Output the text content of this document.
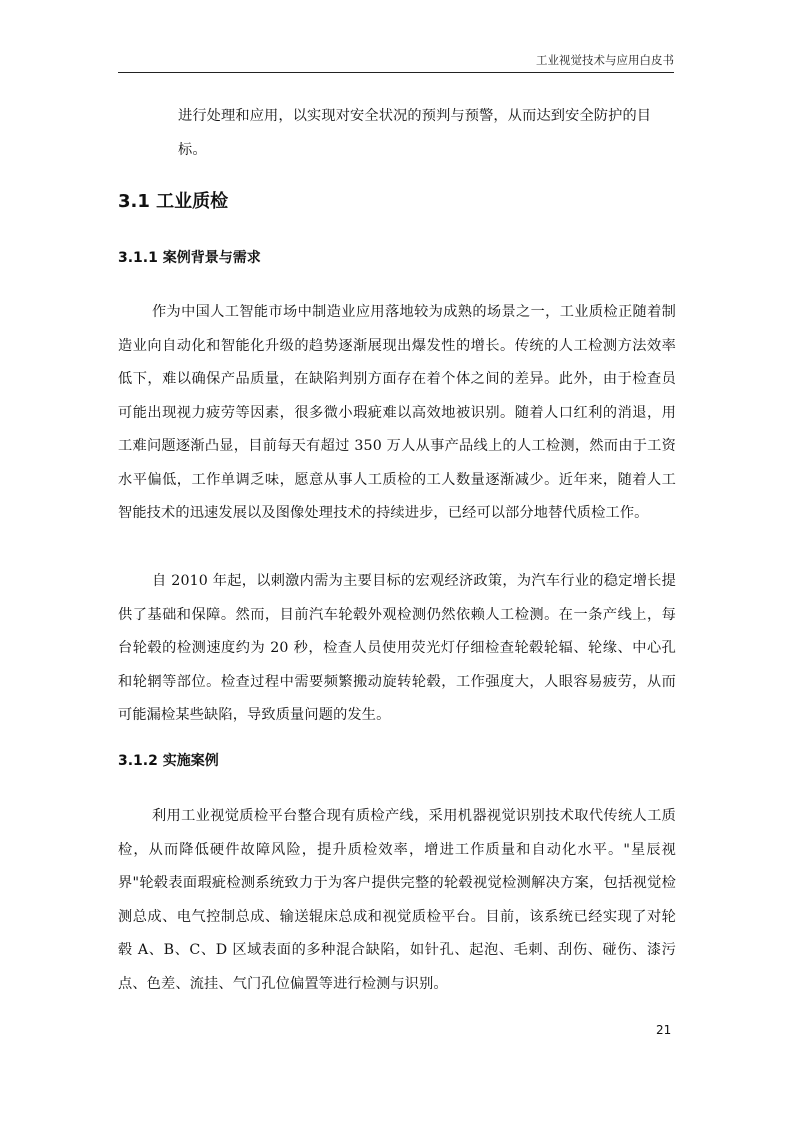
工业视觉技术与应用白皮书

进行处理和应用，以实现对安全状况的预判与预警，从而达到安全防护的目标。

3.1 工业质检
3.1.1 案例背景与需求

作为中国人工智能市场中制造业应用落地较为成熟的场景之一，工业质检正随着制造业向自动化和智能化升级的趋势逐渐展现出爆发性的增长。传统的人工检测方法效率低下，难以确保产品质量，在缺陷判别方面存在着个体之间的差异。此外，由于检查员可能出现视力疲劳等因素，很多微小瑕疵难以高效地被识别。随着人口红利的消退，用工难问题逐渐凸显，目前每天有超过 350 万人从事产品线上的人工检测，然而由于工资水平偏低，工作单调乏味，愿意从事人工质检的工人数量逐渐减少。近年来，随着人工智能技术的迅速发展以及图像处理技术的持续进步，已经可以部分地替代质检工作。

自 2010 年起，以刺激内需为主要目标的宏观经济政策，为汽车行业的稳定增长提供了基础和保障。然而，目前汽车轮毂外观检测仍然依赖人工检测。在一条产线上，每台轮毂的检测速度约为 20 秒，检查人员使用荧光灯仔细检查轮毂轮辐、轮缘、中心孔和轮辋等部位。检查过程中需要频繁搬动旋转轮毂，工作强度大，人眼容易疲劳，从而可能漏检某些缺陷，导致质量问题的发生。

3.1.2 实施案例

利用工业视觉质检平台整合现有质检产线，采用机器视觉识别技术取代传统人工质检，从而降低硬件故障风险，提升质检效率，增进工作质量和自动化水平。"星辰视界"轮毂表面瑕疵检测系统致力于为客户提供完整的轮毂视觉检测解决方案，包括视觉检测总成、电气控制总成、输送辊床总成和视觉质检平台。目前，该系统已经实现了对轮毂 A、B、C、D 区域表面的多种混合缺陷，如针孔、起泡、毛刺、刮伤、碰伤、漆污点、色差、流挂、气门孔位偏置等进行检测与识别。

21
